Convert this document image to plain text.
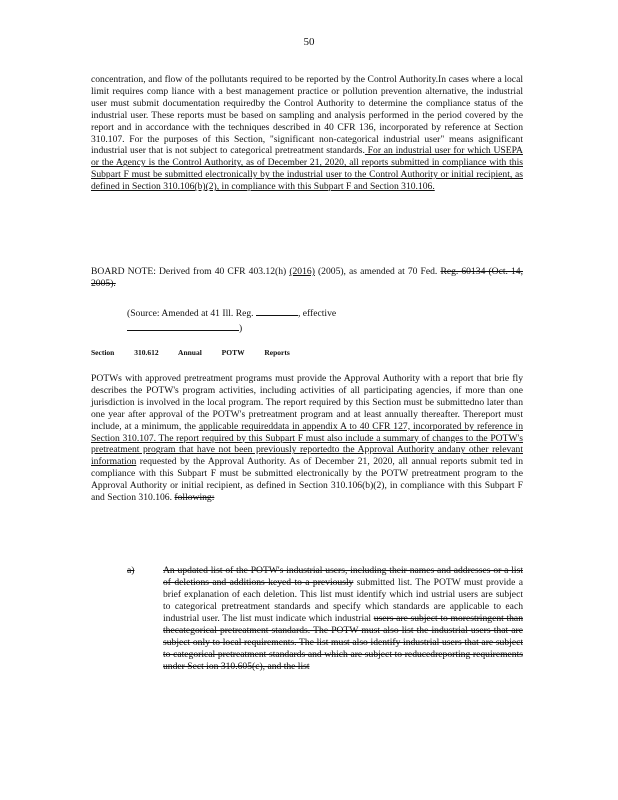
50
concentration, and flow of the pollutants required to be reported by the Control Authority.In cases where a local limit requires comp liance with a best management practice or pollution prevention alternative, the industrial user must submit documentation requiredby the Control Authority to determine the compliance status of the industrial user. These reports must be based on sampling and analysis performed in the period covered by the report and in accordance with the techniques described in 40 CFR 136, incorporated by reference at Section 310.107. For the purposes of this Section, "significant non-categorical industrial user" means asignificant industrial user that is not subject to categorical pretreatment standards. For an industrial user for which USEPA or the Agency is the Control Authority, as of December 21, 2020, all reports submitted in compliance with this Subpart F must be submitted electronically by the industrial user to the Control Authority or initial recipient, as defined in Section 310.106(b)(2), in compliance with this Subpart F and Section 310.106.
BOARD NOTE: Derived from 40 CFR 403.12(h) (2016) (2005), as amended at 70 Fed. Reg. 60134 (Oct. 14, 2005).
(Source: Amended at 41 Ill. Reg.	, effective
)
Section 310.612 Annual POTW Reports
POTWs with approved pretreatment programs must provide the Approval Authority with a report that brie fly describes the POTW's program activities, including activities of all participating agencies, if more than one jurisdiction is involved in the local program. The report required by this Section must be submittedno later than one year after approval of the POTW's pretreatment program and at least annually thereafter. Thereport must include, at a minimum, the applicable requireddata in appendix A to 40 CFR 127, incorporated by reference in Section 310.107. The report required by this Subpart F must also include a summary of changes to the POTW's pretreatment program that have not been previously reportedto the Approval Authority andany other relevant information requested by the Approval Authority. As of December 21, 2020, all annual reports submit ted in compliance with this Subpart F must be submitted electronically by the POTW pretreatment program to the Approval Authority or initial recipient, as defined in Section 310.106(b)(2), in compliance with this Subpart F and Section 310.106. following:
a)	An updated list of the POTW's industrial users, including their names and addresses or a list of deletions and additions keyed to a previously submitted list. The POTW must provide a brief explanation of each deletion. This list must identify which ind ustrial users are subject to categorical pretreatment standards and specify which standards are applicable to each industrial user. The list must indicate which industrial users are subject to morestringent than thecategorical pretreatment standards. The POTW must also list the industrial users that are subject only to local requirements. The list must also identify industrial users that are subject to categorical pretreatment standards and which are subject to reducedreporting requirements under Sect ion 310.605(c), and the list
